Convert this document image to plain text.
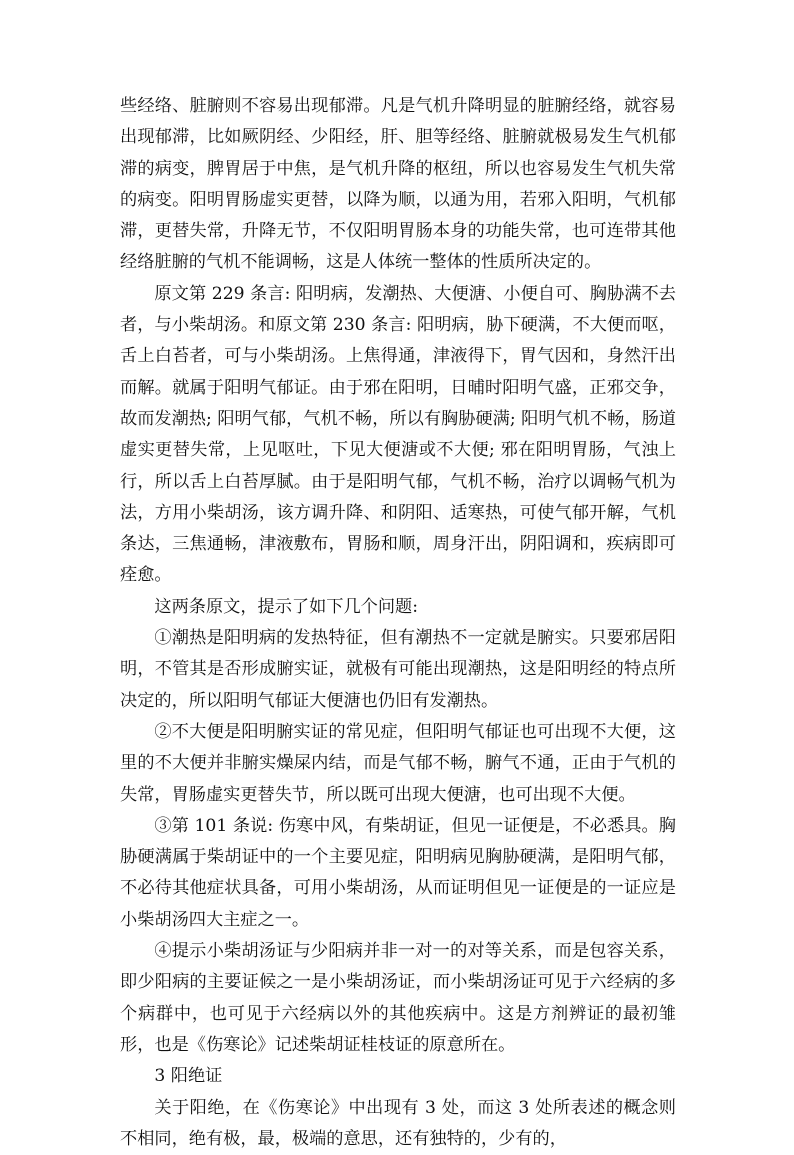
些经络、脏腑则不容易出现郁滞。凡是气机升降明显的脏腑经络，就容易出现郁滞，比如厥阴经、少阳经，肝、胆等经络、脏腑就极易发生气机郁滞的病变，脾胃居于中焦，是气机升降的枢纽，所以也容易发生气机失常的病变。阳明胃肠虚实更替，以降为顺，以通为用，若邪入阳明，气机郁滞，更替失常，升降无节，不仅阳明胃肠本身的功能失常，也可连带其他经络脏腑的气机不能调畅，这是人体统一整体的性质所决定的。

原文第 229 条言: 阳明病，发潮热、大便溏、小便自可、胸胁满不去者，与小柴胡汤。和原文第 230 条言: 阳明病，胁下硬满，不大便而呕，舌上白苔者，可与小柴胡汤。上焦得通，津液得下，胃气因和，身然汗出而解。就属于阳明气郁证。由于邪在阳明，日晡时阳明气盛，正邪交争，故而发潮热; 阳明气郁，气机不畅，所以有胸胁硬满; 阳明气机不畅，肠道虚实更替失常，上见呕吐，下见大便溏或不大便; 邪在阳明胃肠，气浊上行，所以舌上白苔厚腻。由于是阳明气郁，气机不畅，治疗以调畅气机为法，方用小柴胡汤，该方调升降、和阴阳、适寒热，可使气郁开解，气机条达，三焦通畅，津液敷布，胃肠和顺，周身汗出，阴阳调和，疾病即可痊愈。

这两条原文，提示了如下几个问题:

①潮热是阳明病的发热特征，但有潮热不一定就是腑实。只要邪居阳明，不管其是否形成腑实证，就极有可能出现潮热，这是阳明经的特点所决定的，所以阳明气郁证大便溏也仍旧有发潮热。

②不大便是阳明腑实证的常见症，但阳明气郁证也可出现不大便，这里的不大便并非腑实燥屎内结，而是气郁不畅，腑气不通，正由于气机的失常，胃肠虚实更替失节，所以既可出现大便溏，也可出现不大便。

③第 101 条说: 伤寒中风，有柴胡证，但见一证便是，不必悉具。胸胁硬满属于柴胡证中的一个主要见症，阳明病见胸胁硬满，是阳明气郁，不必待其他症状具备，可用小柴胡汤，从而证明但见一证便是的一证应是小柴胡汤四大主症之一。

④提示小柴胡汤证与少阳病并非一对一的对等关系，而是包容关系，即少阳病的主要证候之一是小柴胡汤证，而小柴胡汤证可见于六经病的多个病群中，也可见于六经病以外的其他疾病中。这是方剂辨证的最初雏形，也是《伤寒论》记述柴胡证桂枝证的原意所在。

3 阳绝证

关于阳绝，在《伤寒论》中出现有 3 处，而这 3 处所表述的概念则不相同，绝有极，最，极端的意思，还有独特的，少有的，
